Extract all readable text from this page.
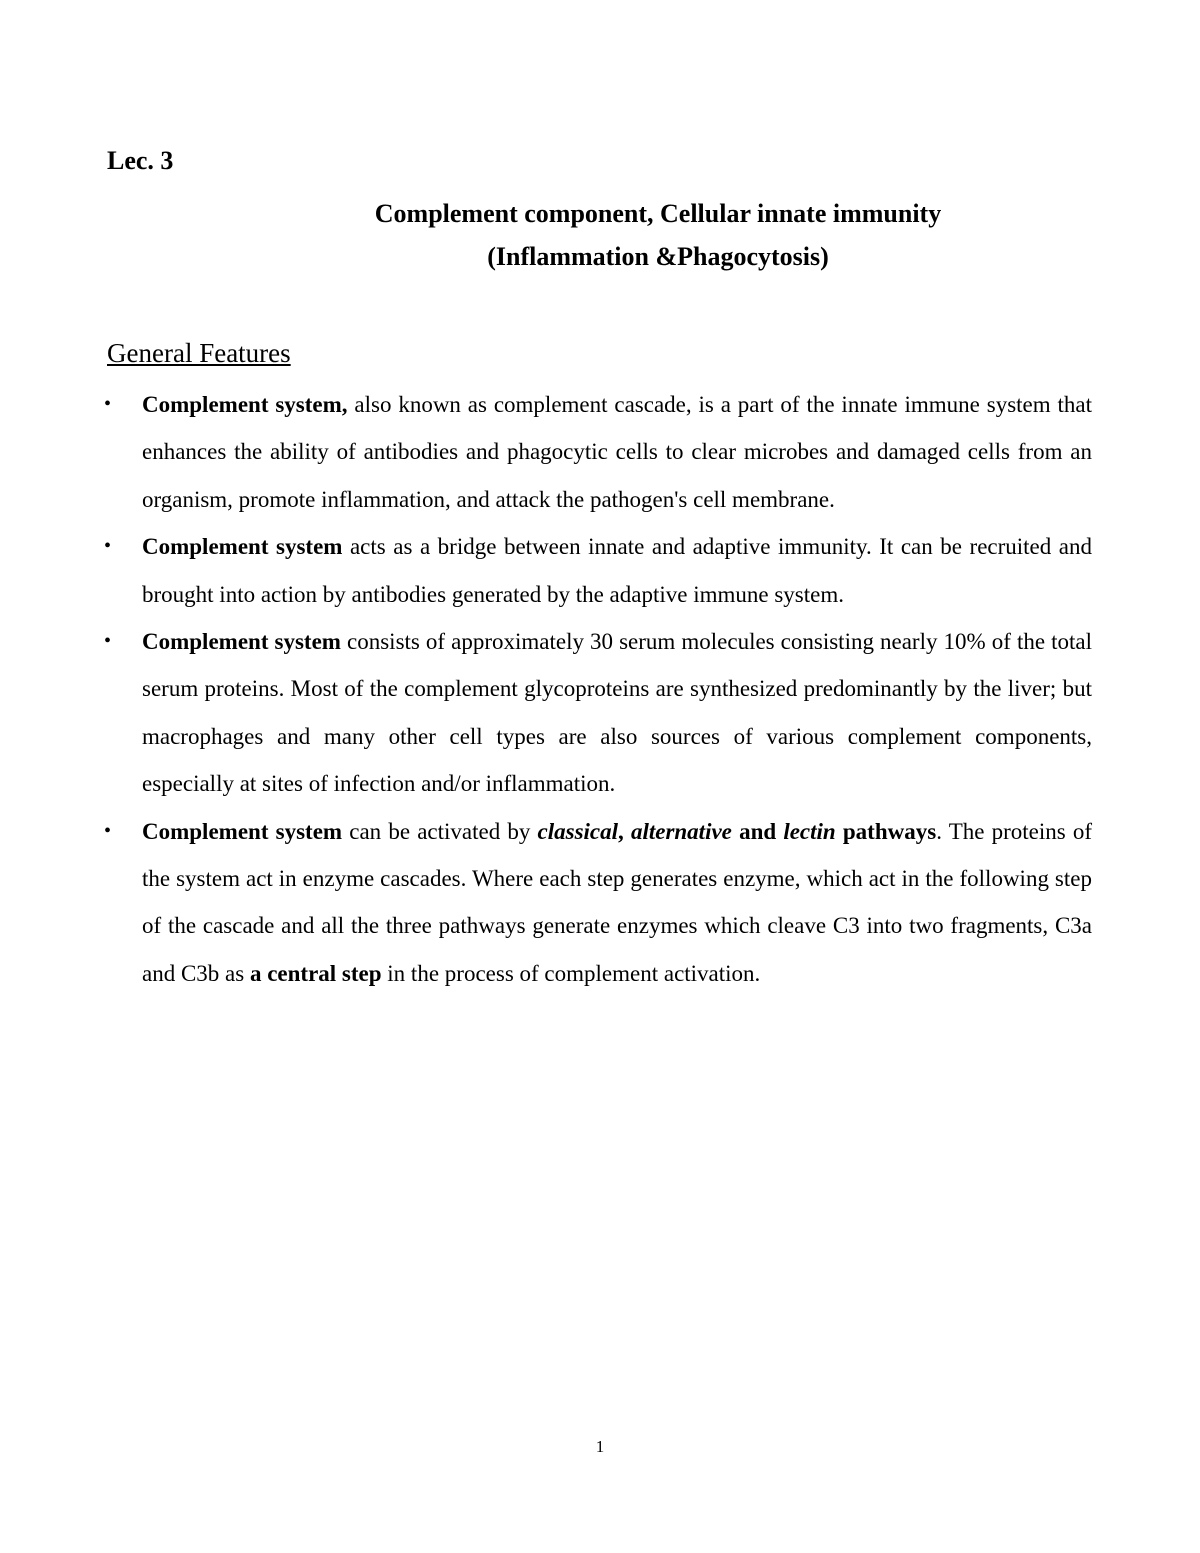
Lec. 3

Complement component, Cellular innate immunity
(Inflammation &Phagocytosis)
General Features
• Complement system, also known as complement cascade, is a part of the innate immune system that enhances the ability of antibodies and phagocytic cells to clear microbes and damaged cells from an organism, promote inflammation, and attack the pathogen's cell membrane.
• Complement system acts as a bridge between innate and adaptive immunity. It can be recruited and brought into action by antibodies generated by the adaptive immune system.
• Complement system consists of approximately 30 serum molecules consisting nearly 10% of the total serum proteins. Most of the complement glycoproteins are synthesized predominantly by the liver; but macrophages and many other cell types are also sources of various complement components, especially at sites of infection and/or inflammation.
• Complement system can be activated by classical, alternative and lectin pathways. The proteins of the system act in enzyme cascades. Where each step generates enzyme, which act in the following step of the cascade and all the three pathways generate enzymes which cleave C3 into two fragments, C3a and C3b as a central step in the process of complement activation.
1
